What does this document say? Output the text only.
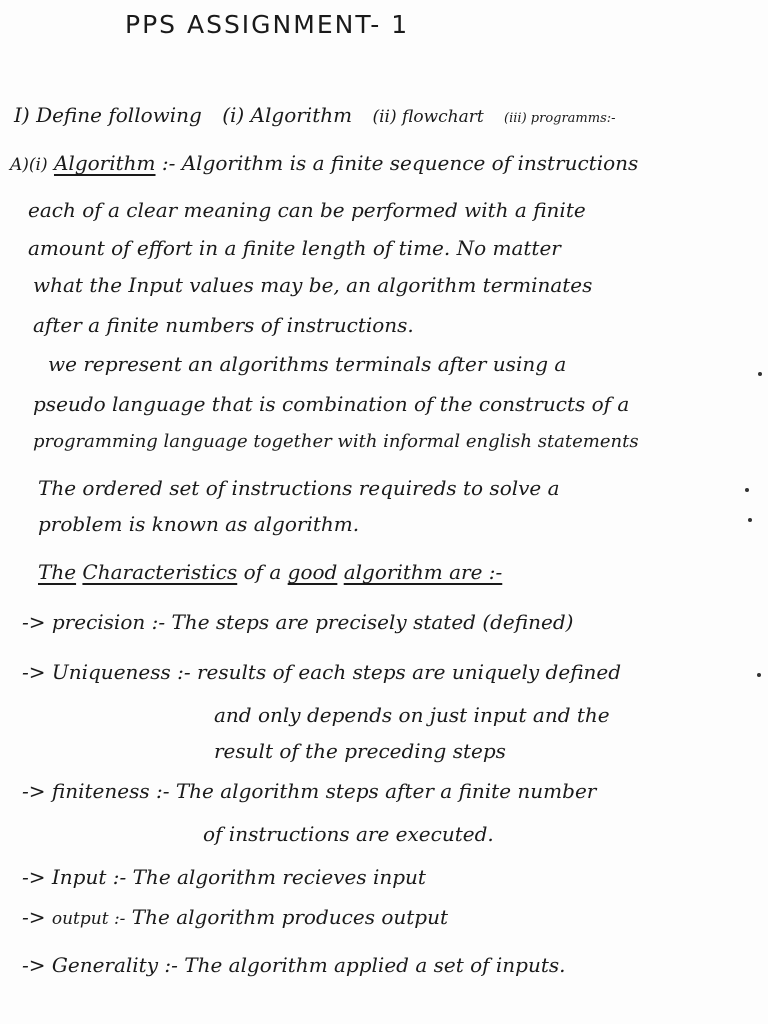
PPS ASSIGNMENT- 1
I) Define following (i) Algorithm (ii) flowchart (iii) programms:-
A)(i) Algorithm :- Algorithm is a finite sequence of instructions
each of a clear meaning can be performed with a finite
amount of effort in a finite length of time. No matter
what the Input values may be, an algorithm terminates
after a finite numbers of instructions.
we represent an algorithms terminals after using a
pseudo language that is combination of the constructs of a
programming language together with informal english statements
The ordered set of instructions requireds to solve a
problem is known as algorithm.
The Characteristics of a good algorithm are :-
-> precision :- The steps are precisely stated (defined)
-> Uniqueness :- results of each steps are uniquely defined
and only depends on just input and the
result of the preceding steps
-> finiteness :- The algorithm steps after a finite number
of instructions are executed.
-> Input :- The algorithm recieves input
-> output :- The algorithm produces output
-> Generality :- The algorithm applied a set of inputs.
